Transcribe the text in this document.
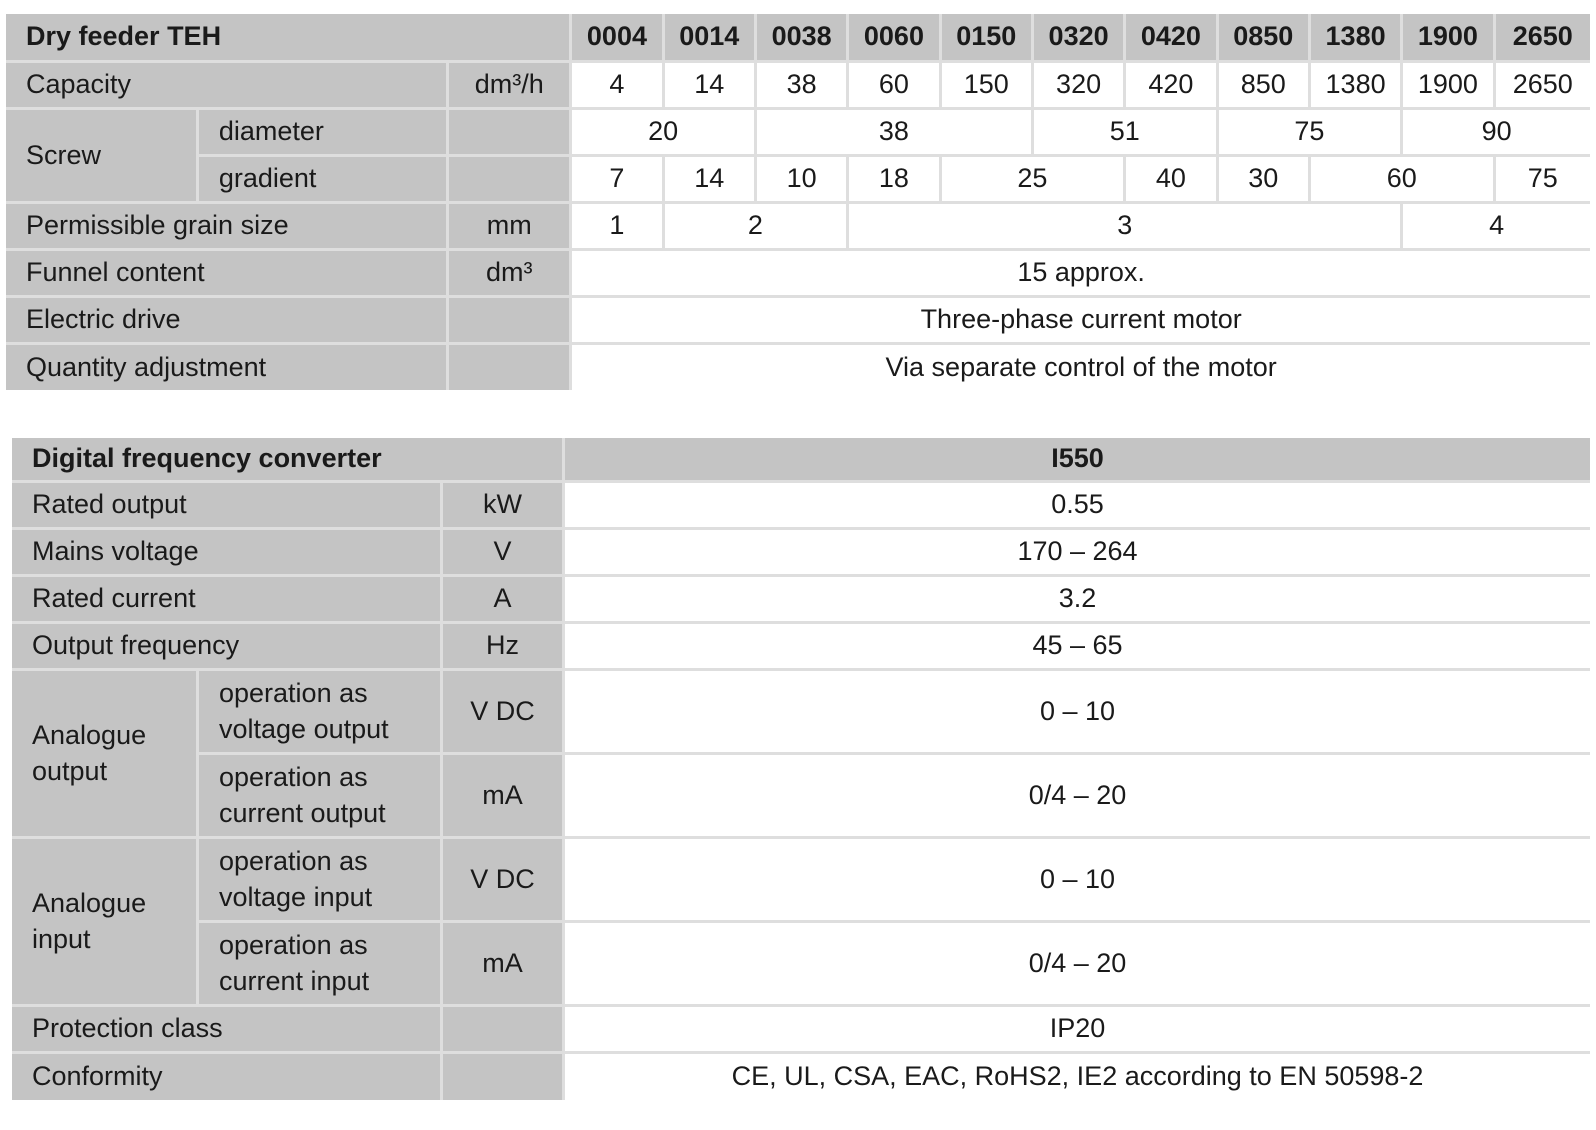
Dry feeder TEH			0004	0014	0038	0060	0150	0320	0420	0850	1380	1900	2650
Capacity		dm³/h	4	14	38	60	150	320	420	850	1380	1900	2650
Screw	diameter		20		38			51		75		90	
	gradient		7	14	10	18	25		40	30	60		75
Permissible grain size		mm	1	2		3						4	
Funnel content		dm³	15 approx.										
Electric drive			Three-phase current motor										
Quantity adjustment			Via separate control of the motor										
Digital frequency converter			I550
Rated output		kW	0.55
Mains voltage		V	170 – 264
Rated current		A	3.2
Output frequency		Hz	45 – 65
Analogue output	operation as voltage output	V DC	0 – 10
	operation as current output	mA	0/4 – 20
Analogue input	operation as voltage input	V DC	0 – 10
	operation as current input	mA	0/4 – 20
Protection class			IP20
Conformity			CE, UL, CSA, EAC, RoHS2, IE2 according to EN 50598-2
